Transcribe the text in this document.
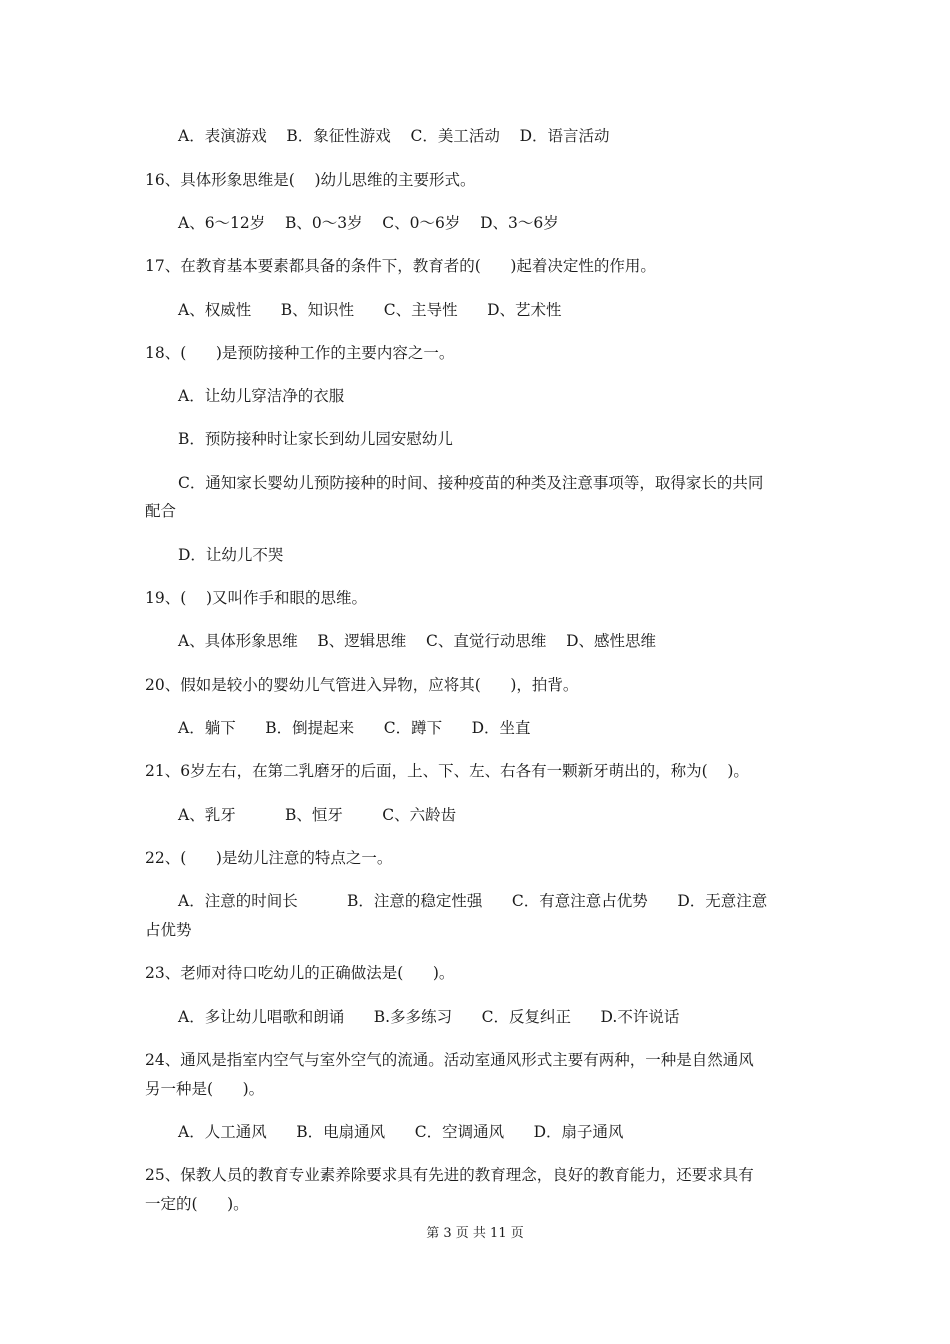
A．表演游戏    B．象征性游戏    C．美工活动    D．语言活动
16、具体形象思维是(    )幼儿思维的主要形式。
A、6～12岁    B、0～3岁    C、0～6岁    D、3～6岁
17、在教育基本要素都具备的条件下，教育者的(      )起着决定性的作用。
A、权威性      B、知识性      C、主导性      D、艺术性
18、(      )是预防接种工作的主要内容之一。
A．让幼儿穿洁净的衣服
B．预防接种时让家长到幼儿园安慰幼儿
C．通知家长婴幼儿预防接种的时间、接种疫苗的种类及注意事项等，取得家长的共同
配合
D．让幼儿不哭
19、(    )又叫作手和眼的思维。
A、具体形象思维    B、逻辑思维    C、直觉行动思维    D、感性思维
20、假如是较小的婴幼儿气管进入异物，应将其(      )，拍背。
A．躺下      B．倒提起来      C．蹲下      D．坐直
21、6岁左右，在第二乳磨牙的后面，上、下、左、右各有一颗新牙萌出的，称为(    )。
A、乳牙          B、恒牙        C、六龄齿
22、(      )是幼儿注意的特点之一。
A．注意的时间长          B．注意的稳定性强      C．有意注意占优势      D．无意注意
占优势
23、老师对待口吃幼儿的正确做法是(      )。
A．多让幼儿唱歌和朗诵      B.多多练习      C．反复纠正      D.不许说话
24、通风是指室内空气与室外空气的流通。活动室通风形式主要有两种，一种是自然通风
另一种是(      )。
A．人工通风      B．电扇通风      C．空调通风      D．扇子通风
25、保教人员的教育专业素养除要求具有先进的教育理念，良好的教育能力，还要求具有
一定的(      )。
第 3 页 共 11 页
